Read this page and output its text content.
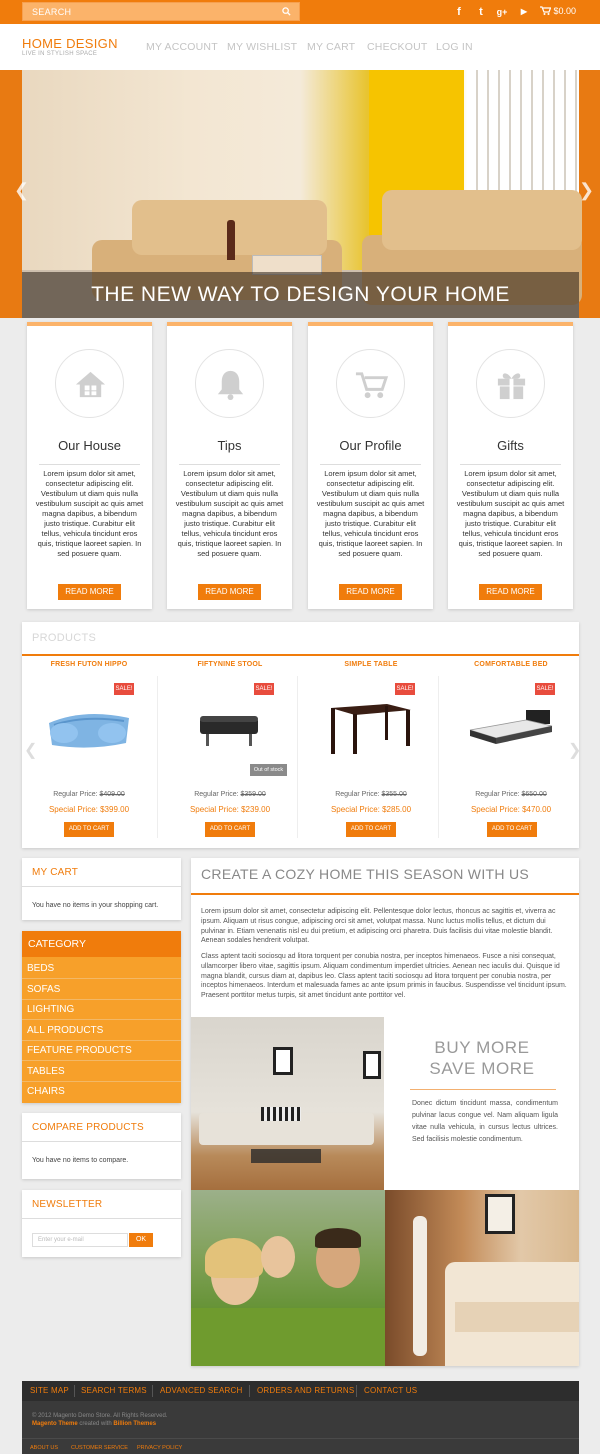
SEARCH	f	t	g+	▶	$0.00
HOME DESIGN
LIVE IN STYLISH SPACE
MY ACCOUNT MY WISHLIST MY CART CHECKOUT LOG IN
❮	❯
THE NEW WAY TO DESIGN YOUR HOME
Our House
Lorem ipsum dolor sit amet, consectetur adipiscing elit. Vestibulum ut diam quis nulla vestibulum suscipit ac quis amet magna dapibus, a bibendum justo tristique. Curabitur elit tellus, vehicula tincidunt eros quis, tristique laoreet sapien. In sed posuere quam.
READ MORE
Tips
Lorem ipsum dolor sit amet, consectetur adipiscing elit. Vestibulum ut diam quis nulla vestibulum suscipit ac quis amet magna dapibus, a bibendum justo tristique. Curabitur elit tellus, vehicula tincidunt eros quis, tristique laoreet sapien. In sed posuere quam.
READ MORE
Our Profile
Lorem ipsum dolor sit amet, consectetur adipiscing elit. Vestibulum ut diam quis nulla vestibulum suscipit ac quis amet magna dapibus, a bibendum justo tristique. Curabitur elit tellus, vehicula tincidunt eros quis, tristique laoreet sapien. In sed posuere quam.
READ MORE
Gifts
Lorem ipsum dolor sit amet, consectetur adipiscing elit. Vestibulum ut diam quis nulla vestibulum suscipit ac quis amet magna dapibus, a bibendum justo tristique. Curabitur elit tellus, vehicula tincidunt eros quis, tristique laoreet sapien. In sed posuere quam.
READ MORE
PRODUCTS
❮	❯
FRESH FUTON HIPPO
SALE!
Regular Price: $409.00
Special Price: $399.00
ADD TO CART
FIFTYNINE STOOL
SALE!
Out of stock
Regular Price: $359.00
Special Price: $239.00
ADD TO CART
SIMPLE TABLE
SALE!
Regular Price: $355.00
Special Price: $285.00
ADD TO CART
COMFORTABLE BED
SALE!
Regular Price: $650.00
Special Price: $470.00
ADD TO CART
MY CART
You have no items in your shopping cart.
CATEGORY
BEDS
SOFAS
LIGHTING
ALL PRODUCTS
FEATURE PRODUCTS
TABLES
CHAIRS
COMPARE PRODUCTS
You have no items to compare.
NEWSLETTER
Enter your e-mail	OK
CREATE A COZY HOME THIS SEASON WITH US
Lorem ipsum dolor sit amet, consectetur adipiscing elit. Pellentesque dolor lectus, rhoncus ac sagittis et, viverra ac ipsum. Aliquam ut risus congue, adipiscing orci sit amet, volutpat massa. Nunc luctus mollis tellus, et dictum dui pulvinar in. Etiam venenatis nisl eu dui pretium, et adipiscing orci pharetra. Duis facilisis dui vitae molestie blandit. Aenean sodales hendrerit volutpat.
Class aptent taciti sociosqu ad litora torquent per conubia nostra, per inceptos himenaeos. Fusce a nisi consequat, ullamcorper libero vitae, sagittis ipsum. Aliquam condimentum imperdiet ultricies. Aenean nec iaculis dui. Quisque id magna blandit, cursus diam at, dapibus leo. Class aptent taciti sociosqu ad litora torquent per conubia nostra, per inceptos himenaeos. Interdum et malesuada fames ac ante ipsum primis in faucibus. Suspendisse vel tincidunt ipsum. Praesent porttitor metus turpis, sit amet tincidunt ante porttitor vel.
BUY MORE
SAVE MORE
Donec dictum tincidunt massa, condimentum pulvinar lacus congue vel. Nam aliquam ligula vitae nulla vehicula, in cursus lectus ultrices. Sed facilisis molestie condimentum.
SITE MAP SEARCH TERMS ADVANCED SEARCH ORDERS AND RETURNS CONTACT US
© 2012 Magento Demo Store. All Rights Reserved.
Magento Theme created with Billion Themes
ABOUT US CUSTOMER SERVICE PRIVACY POLICY
